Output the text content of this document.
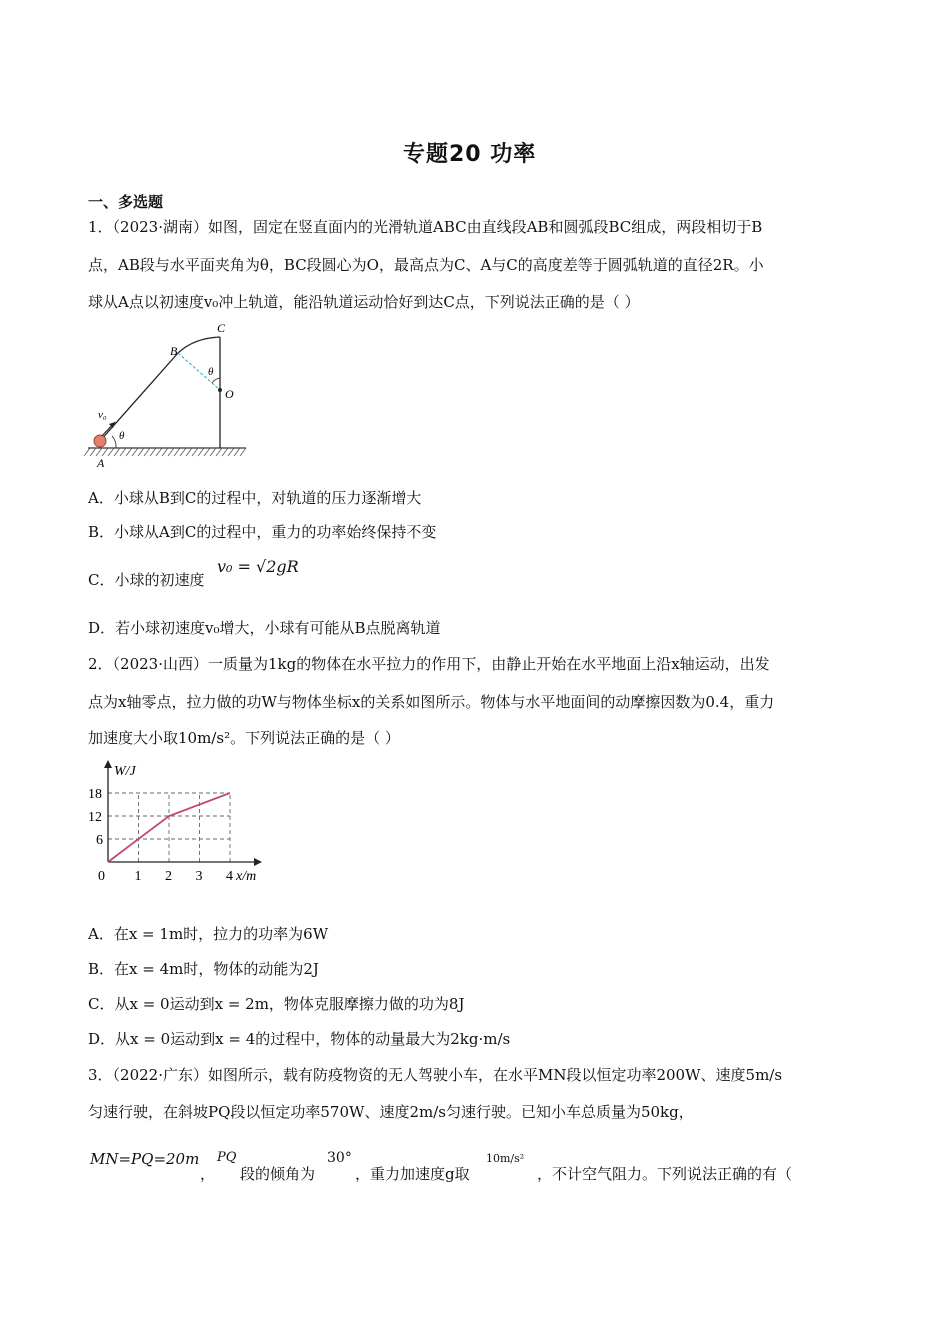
专题20 功率
一、多选题
1．（2023·湖南）如图，固定在竖直面内的光滑轨道ABC由直线段AB和圆弧段BC组成，两段相切于B
点，AB段与水平面夹角为θ，BC段圆心为O，最高点为C、A与C的高度差等于圆弧轨道的直径2R。小
球从A点以初速度v₀冲上轨道，能沿轨道运动恰好到达C点，下列说法正确的是（ ）
C
B
O
θ
v₀
θ
A
A．小球从B到C的过程中，对轨道的压力逐渐增大
B．小球从A到C的过程中，重力的功率始终保持不变
C．小球的初速度
v₀ = √2gR
D．若小球初速度v₀增大，小球有可能从B点脱离轨道
2．（2023·山西）一质量为1kg的物体在水平拉力的作用下，由静止开始在水平地面上沿x轴运动，出发
点为x轴零点，拉力做的功W与物体坐标x的关系如图所示。物体与水平地面间的动摩擦因数为0.4，重力
加速度大小取10m/s²。下列说法正确的是（ ）
0 1 2 3 4
6
12
18
W/J
x/m
A．在x = 1m时，拉力的功率为6W
B．在x = 4m时，物体的动能为2J
C．从x = 0运动到x = 2m，物体克服摩擦力做的功为8J
D．从x = 0运动到x = 4的过程中，物体的动量最大为2kg·m/s
3．（2022·广东）如图所示，载有防疫物资的无人驾驶小车，在水平MN段以恒定功率200W、速度5m/s
匀速行驶，在斜坡PQ段以恒定功率570W、速度2m/s匀速行驶。已知小车总质量为50kg，
MN=PQ=20m
，
PQ
段的倾角为
30°
，重力加速度g取
10m/s²
，不计空气阻力。下列说法正确的有（
